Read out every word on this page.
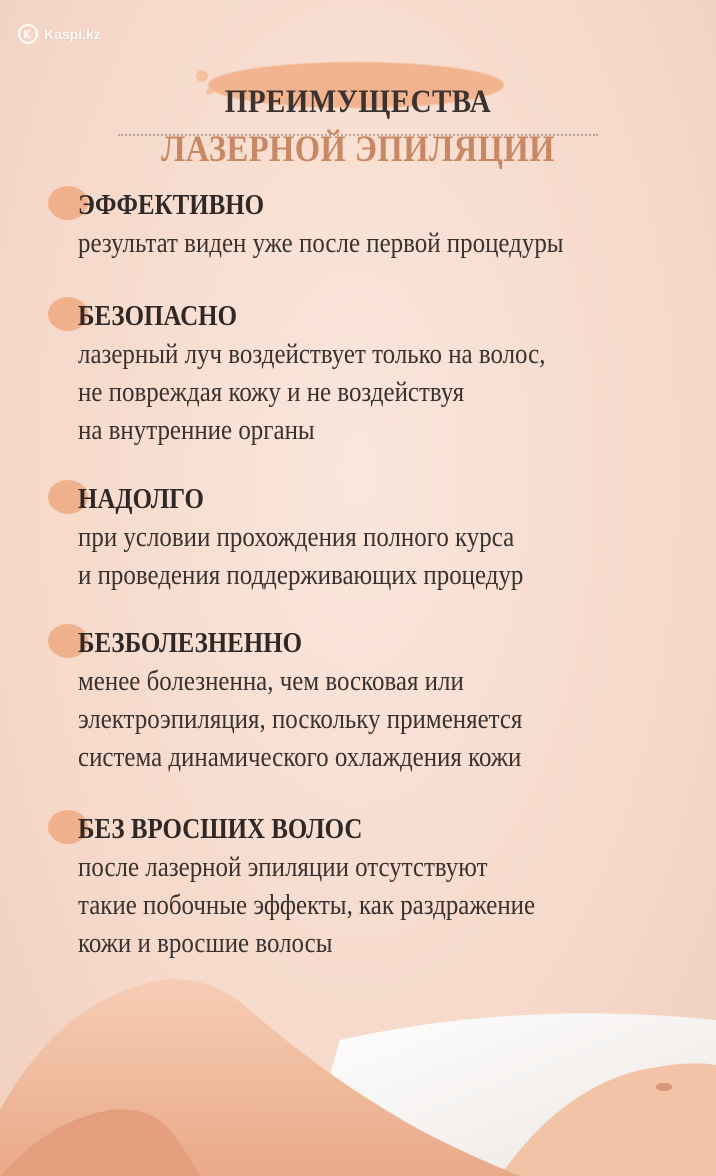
Kaspi.kz
ПРЕИМУЩЕСТВА
ЛАЗЕРНОЙ ЭПИЛЯЦИИ
ЭФФЕКТИВНО

результат виден уже после первой процедуры

БЕЗОПАСНО

лазерный луч воздействует только на волос,

не повреждая кожу и не воздействуя

на внутренние органы

НАДОЛГО

при условии прохождения полного курса

и проведения поддерживающих процедур

БЕЗБОЛЕЗНЕННО

менее болезненна, чем восковая или

электроэпиляция, поскольку применяется

система динамического охлаждения кожи

БЕЗ ВРОСШИХ ВОЛОС

после лазерной эпиляции отсутствуют

такие побочные эффекты, как раздражение

кожи и вросшие волосы
